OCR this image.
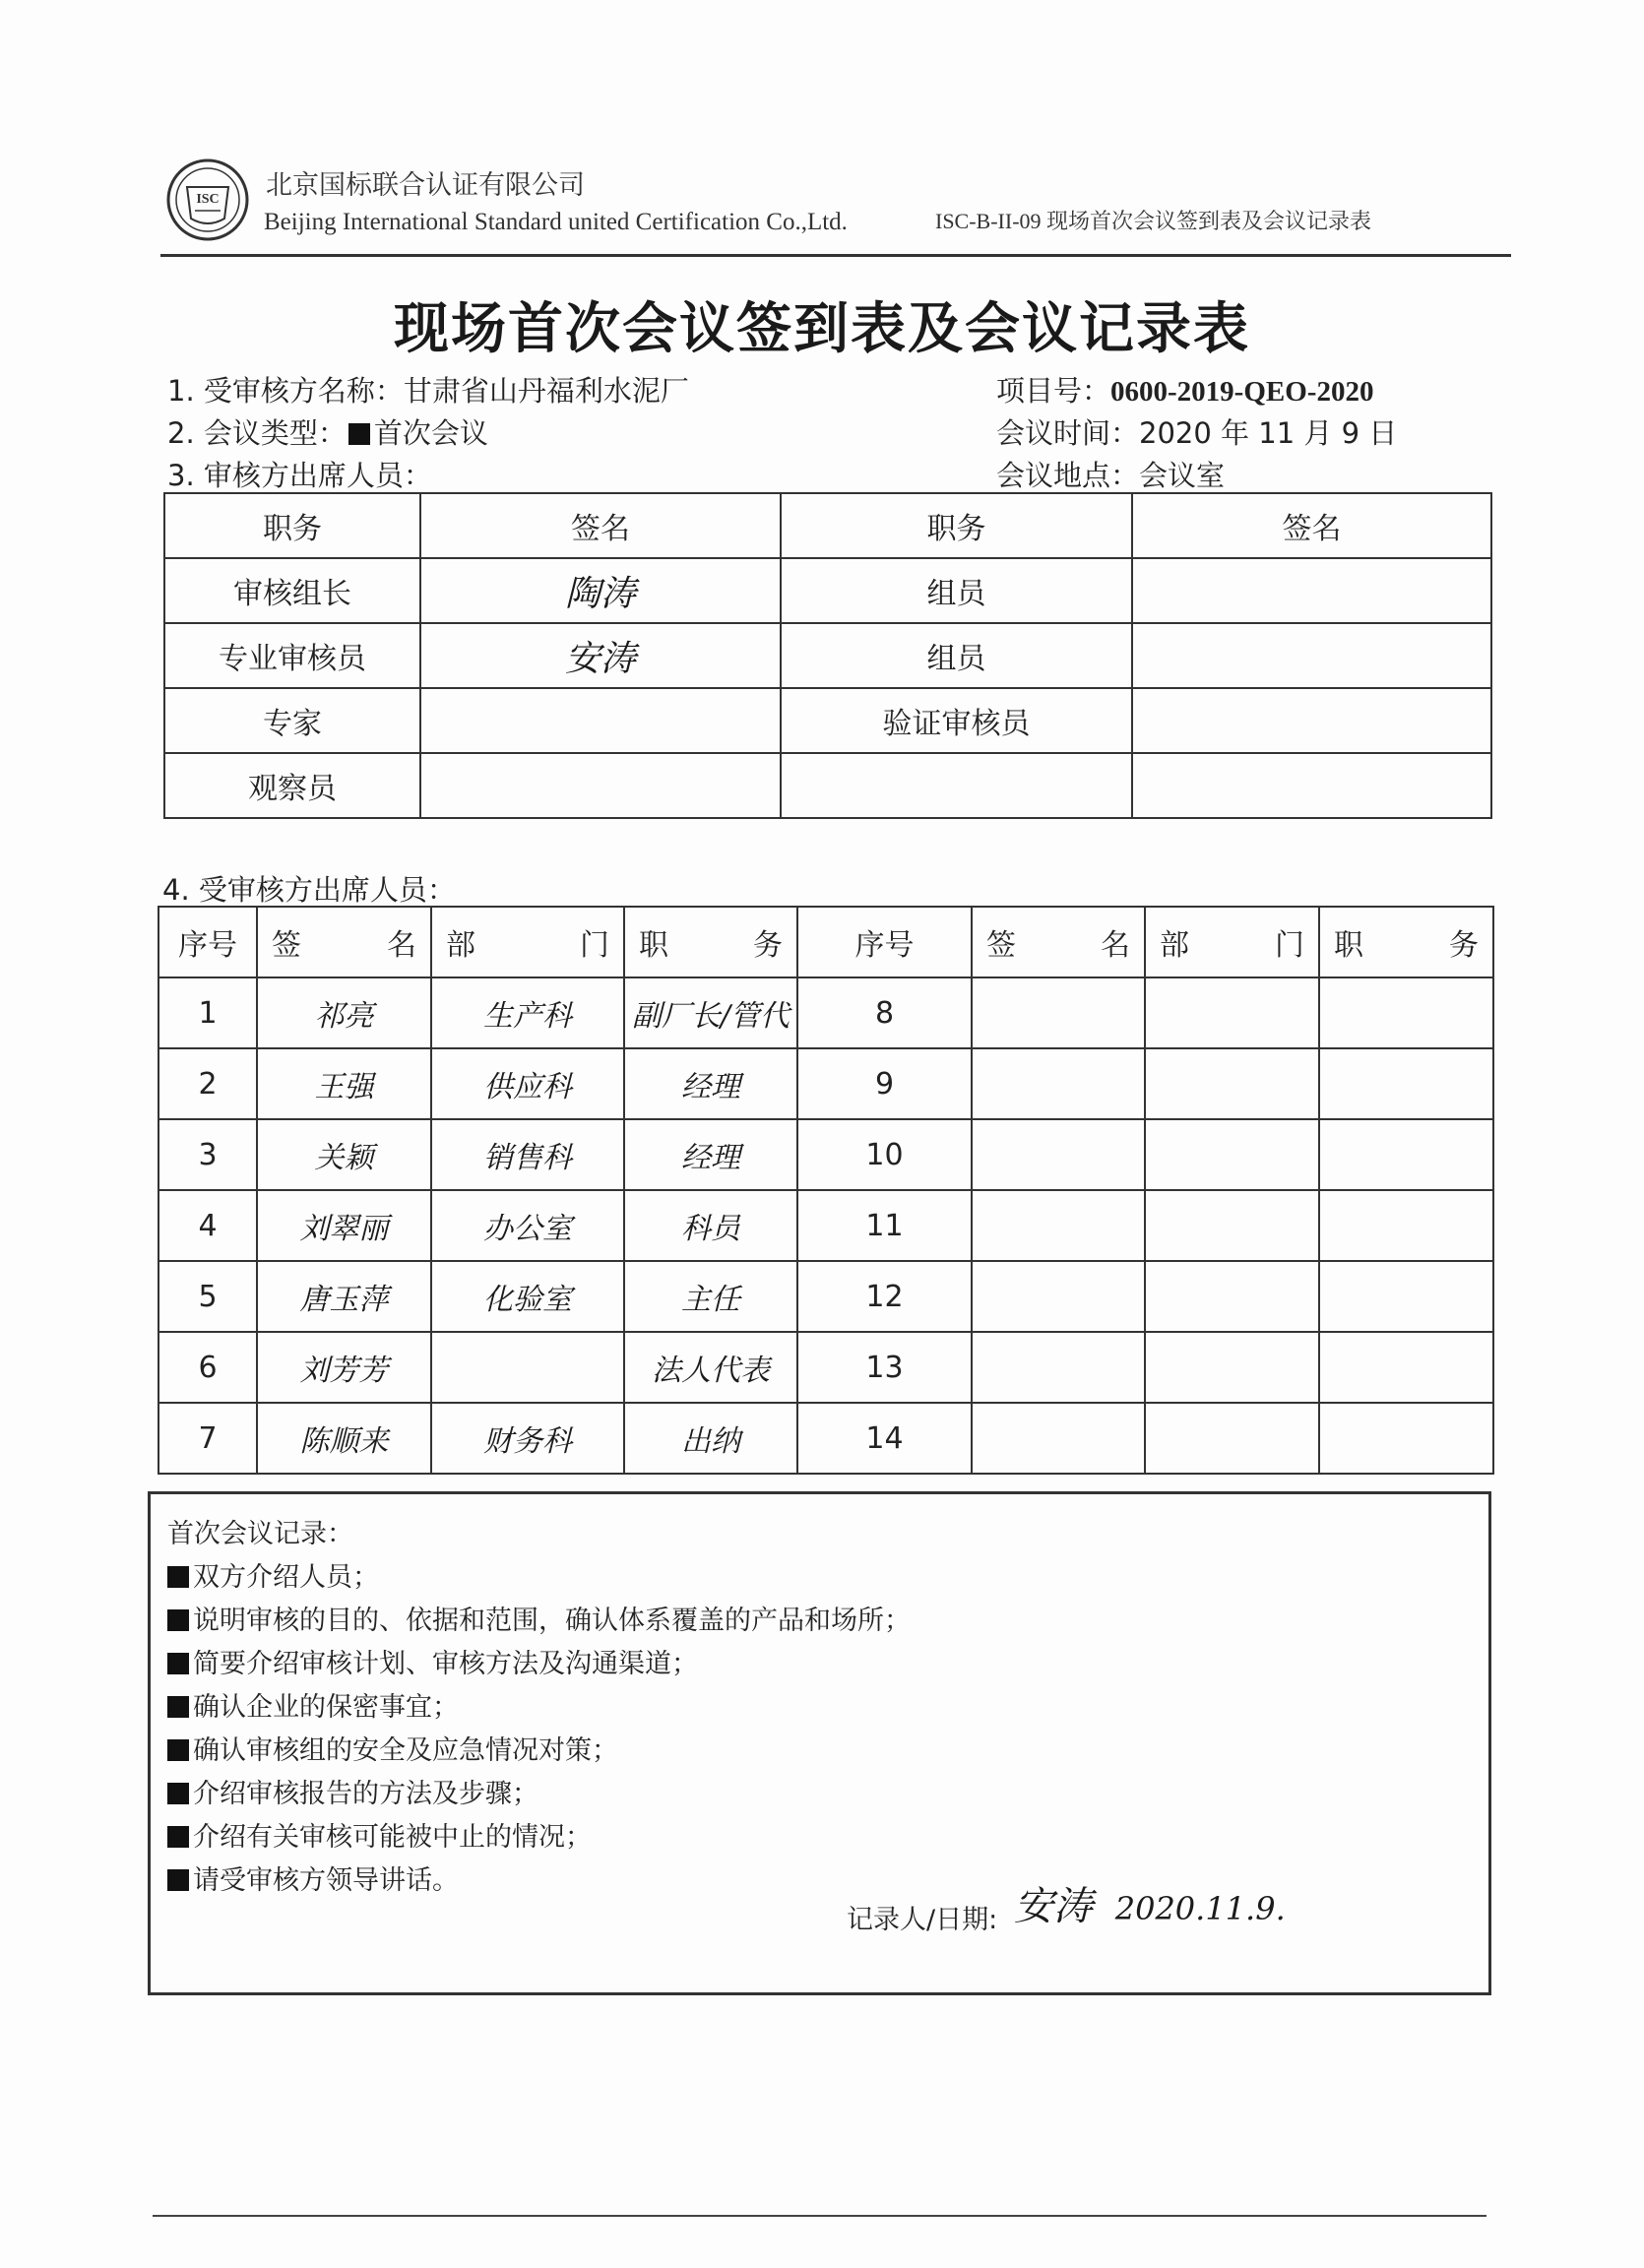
ISC 北京国标联合认证有限公司
Beijing International Standard united Certification Co.,Ltd.	ISC-B-II-09 现场首次会议签到表及会议记录表
现场首次会议签到表及会议记录表
1. 受审核方名称：甘肃省山丹福利水泥厂	项目号：0600-2019-QEO-2020
2. 会议类型： 首次会议	会议时间：2020 年 11 月 9 日
3. 审核方出席人员：	会议地点：会议室
职务	签名	职务	签名
审核组长	陶涛	组员	
专业审核员	安涛	组员	
专家		验证审核员	
观察员			
4. 受审核方出席人员：
序号	签 名	部 门	职 务	序号	签 名	部 门	职 务

1	祁亮	生产科	副厂长/管代	8			
2	王强	供应科	经理	9			
3	关颖	销售科	经理	10			
4	刘翠丽	办公室	科员	11			
5	唐玉萍	化验室	主任	12			
6	刘芳芳		法人代表	13			
7	陈顺来	财务科	出纳	14			
首次会议记录：
双方介绍人员；
说明审核的目的、依据和范围，确认体系覆盖的产品和场所；
简要介绍审核计划、审核方法及沟通渠道；
确认企业的保密事宜；
确认审核组的安全及应急情况对策；
介绍审核报告的方法及步骤；
介绍有关审核可能被中止的情况；
请受审核方领导讲话。
记录人/日期: 安涛 2020.11.9.
